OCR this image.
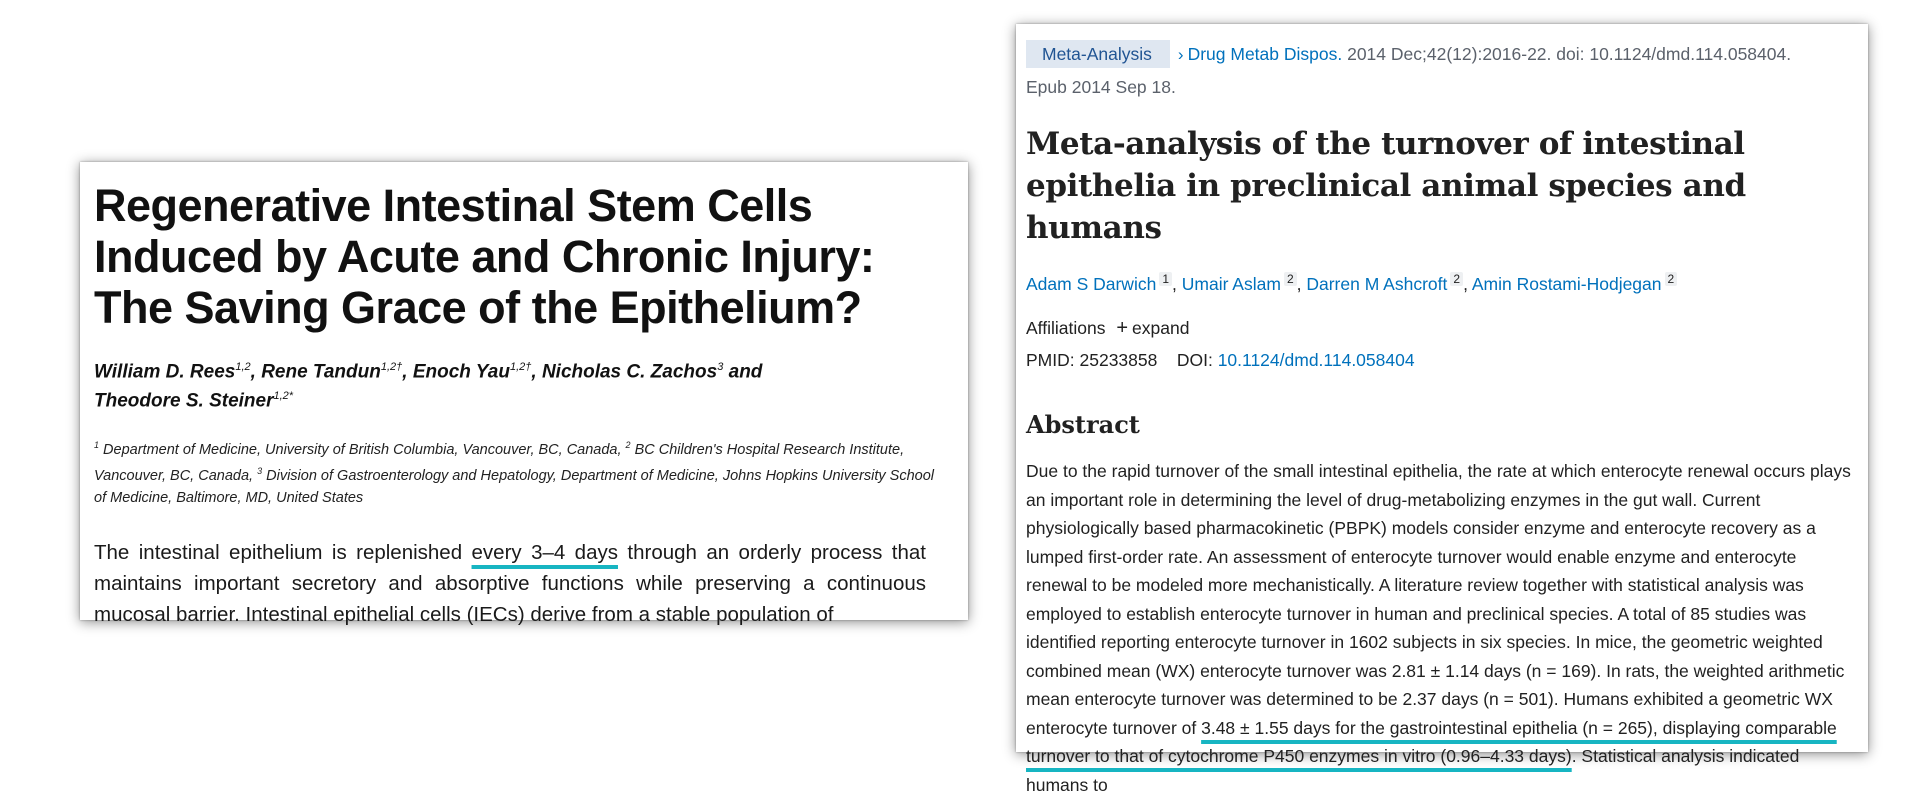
Regenerative Intestinal Stem Cells Induced by Acute and Chronic Injury: The Saving Grace of the Epithelium?
William D. Rees$^{1,2}$, Rene Tandun$^{1,2\dagger}$, Enoch Yau$^{1,2\dagger}$, Nicholas C. Zachos$^3$ and
Theodore S. Steiner$^{1,2*}$
$^1$ Department of Medicine, University of British Columbia, Vancouver, BC, Canada, $^2$ BC Children's Hospital Research Institute, Vancouver, BC, Canada, $^3$ Division of Gastroenterology and Hepatology, Department of Medicine, Johns Hopkins University School of Medicine, Baltimore, MD, United States
The intestinal epithelium is replenished every 3–4 days through an orderly process that maintains important secretory and absorptive functions while preserving a continuous mucosal barrier. Intestinal epithelial cells (IECs) derive from a stable population of
Meta-Analysis › Drug Metab Dispos. 2014 Dec;42(12):2016-22. doi: 10.1124/dmd.114.058404.
Epub 2014 Sep 18.
Meta-analysis of the turnover of intestinal epithelia in preclinical animal species and humans
Adam S Darwich 1 , Umair Aslam 2 , Darren M Ashcroft 2 , Amin Rostami-Hodjegan 2
Affiliations + expand
PMID: 25233858 DOI: 10.1124/dmd.114.058404
Abstract
Due to the rapid turnover of the small intestinal epithelia, the rate at which enterocyte renewal occurs plays an important role in determining the level of drug-metabolizing enzymes in the gut wall. Current physiologically based pharmacokinetic (PBPK) models consider enzyme and enterocyte recovery as a lumped first-order rate. An assessment of enterocyte turnover would enable enzyme and enterocyte renewal to be modeled more mechanistically. A literature review together with statistical analysis was employed to establish enterocyte turnover in human and preclinical species. A total of 85 studies was identified reporting enterocyte turnover in 1602 subjects in six species. In mice, the geometric weighted combined mean (WX) enterocyte turnover was 2.81 ± 1.14 days (n = 169). In rats, the weighted arithmetic mean enterocyte turnover was determined to be 2.37 days (n = 501). Humans exhibited a geometric WX enterocyte turnover of 3.48 ± 1.55 days for the gastrointestinal epithelia (n = 265), displaying comparable turnover to that of cytochrome P450 enzymes in vitro (0.96–4.33 days). Statistical analysis indicated humans to
